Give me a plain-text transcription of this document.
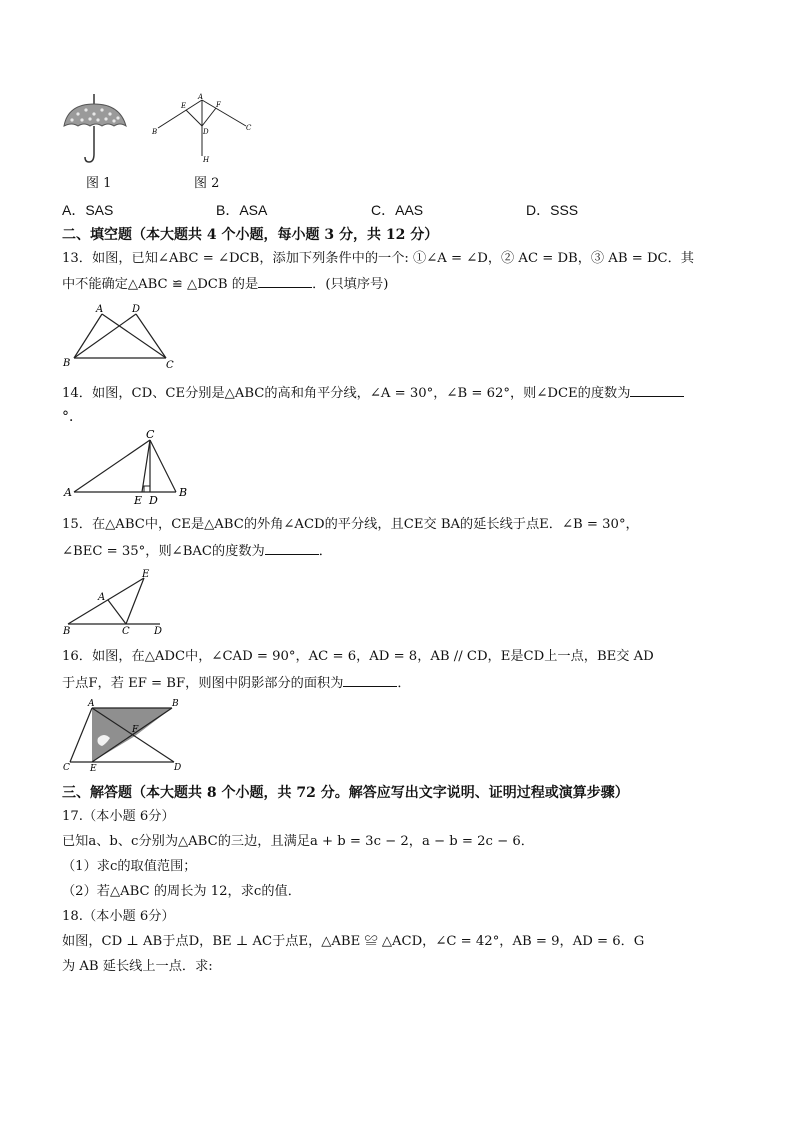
A
E	F
D
B	C
H
图 1	图 2
A．SAS	B．ASA	C．AAS	D．SSS
二、填空题（本大题共 4 个小题，每小题 3 分，共 12 分）
13．如图，已知∠ABC = ∠DCB，添加下列条件中的一个: ①∠A = ∠D，② AC = DB，③ AB = DC．其
中不能确定△ABC ≌ △DCB 的是	．(只填序号)
A	D
B	C
14．如图，CD、CE分别是△ABC的高和角平分线，∠A = 30°，∠B = 62°，则∠DCE的度数为
°．
C
A
E D
B
15．在△ABC中，CE是△ABC的外角∠ACD的平分线，且CE交 BA的延长线于点E．∠B = 30°，
∠BEC = 35°，则∠BAC的度数为	．
E
A
B	C D
16．如图，在△ADC中，∠CAD = 90°，AC = 6，AD = 8，AB // CD，E是CD上一点，BE交 AD
于点F，若 EF = BF，则图中阴影部分的面积为	．
A	B
F
C E	D
三、解答题（本大题共 8 个小题，共 72 分。解答应写出文字说明、证明过程或演算步骤）
17.（本小题 6分）
已知a、b、c分别为△ABC的三边，且满足a + b = 3c − 2，a − b = 2c − 6．
（1）求c的取值范围；
（2）若△ABC 的周长为 12，求c的值．
18.（本小题 6分）
如图，CD ⊥ AB于点D，BE ⊥ AC于点E，△ABE ≌ △ACD，∠C = 42°，AB = 9，AD = 6．G
为 AB 延长线上一点．求:
